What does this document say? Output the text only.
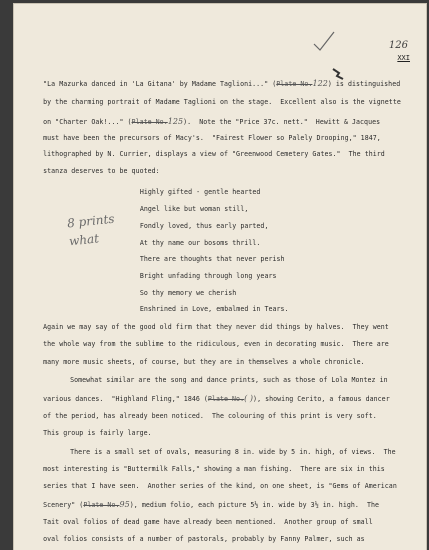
126
XXI
8 prints
what
"La Mazurka danced in 'La Gitana' by Madame Taglioni..." (Plate No.122) is distinguished
by the charming portrait of Madame Taglioni on the stage.  Excellent also is the vignette
on "Charter Oak!..." (Plate No.125).  Note the "Price 37c. nett."  Hewitt & Jacques
must have been the precursors of Macy's.  "Fairest Flower so Palely Drooping," 1847,
lithographed by N. Currier, displays a view of "Greenwood Cemetery Gates."  The third
stanza deserves to be quoted:
Highly gifted - gentle hearted
Angel like but woman still,
Fondly loved, thus early parted,
At thy name our bosoms thrill.
There are thoughts that never perish
Bright unfading through long years
So thy memory we cherish
Enshrined in Love, embalmed in Tears.
Again we may say of the good old firm that they never did things by halves.  They went
the whole way from the sublime to the ridiculous, even in decorating music.  There are
many more music sheets, of course, but they are in themselves a whole chronicle.
Somewhat similar are the song and dance prints, such as those of Lola Montez in
various dances.  "Highland Fling," 1846 (Plate No.( )), showing Cerito, a famous dancer
of the period, has already been noticed.  The colouring of this print is very soft.
This group is fairly large.
There is a small set of ovals, measuring 8 in. wide by 5 in. high, of views.  The
most interesting is "Buttermilk Falls," showing a man fishing.  There are six in this
series that I have seen.  Another series of the kind, on one sheet, is "Gems of American
Scenery" (Plate No.95), medium folio, each picture 5½ in. wide by 3½ in. high.  The
Tait oval folios of dead game have already been mentioned.  Another group of small
oval folios consists of a number of pastorals, probably by Fanny Palmer, such as
